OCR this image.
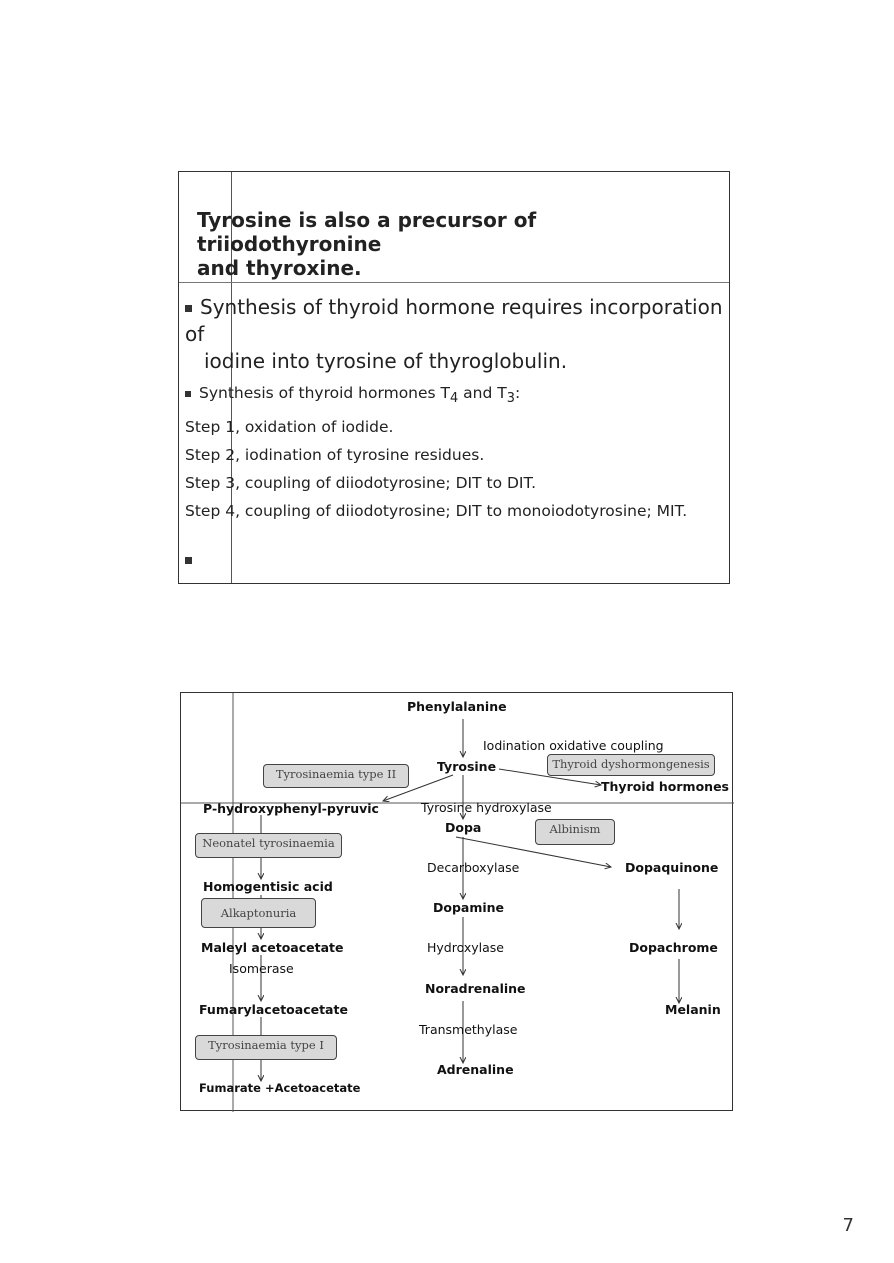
Tyrosine is also a precursor of triiodothyronine
and thyroxine.
Synthesis of thyroid hormone requires incorporation of
iodine into tyrosine of thyroglobulin.
Synthesis of thyroid hormones $T_4$ and $T_3$:
Step 1, oxidation of iodide.
Step 2, iodination of tyrosine residues.
Step 3, coupling of diiodotyrosine; DIT to DIT.
Step 4, coupling of diiodotyrosine; DIT to monoiodotyrosine; MIT.
Phenylalanine
Iodination oxidative coupling
Tyrosine	Thyroid dyshormongenesis
Thyroid hormones
Tyrosinaemia type II
P-hydroxyphenyl-pyruvic	Tyrosine hydroxylase
Dopa	Albinism
Neonatel tyrosinaemia
Decarboxylase	Dopaquinone
Homogentisic acid
Dopamine
Alkaptonuria
Maleyl acetoacetate	Hydroxylase	Dopachrome
Isomerase
Noradrenaline
Fumarylacetoacetate	Melanin
Transmethylase
Tyrosinaemia type I
Adrenaline
Fumarate +Acetoacetate
7
